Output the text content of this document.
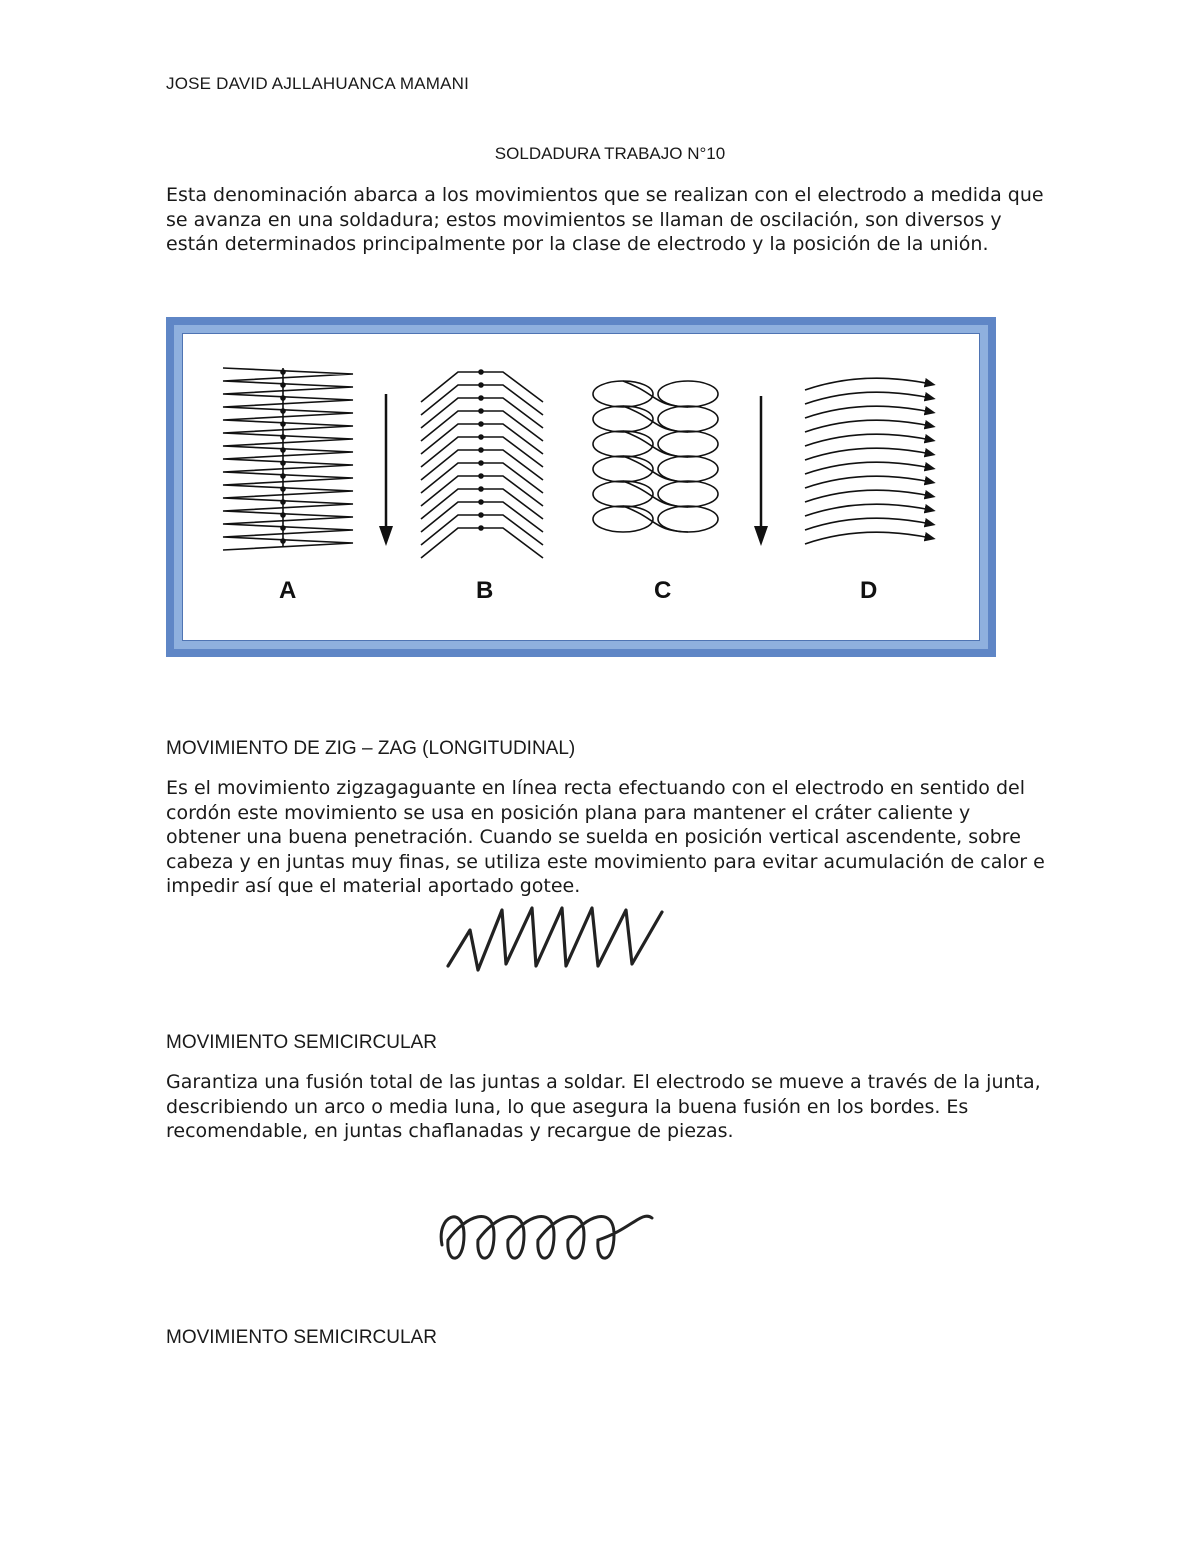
JOSE DAVID AJLLAHUANCA MAMANI
SOLDADURA TRABAJO N°10
Esta denominación abarca a los movimientos que se realizan con el electrodo a medida que se avanza en una soldadura; estos movimientos se llaman de oscilación, son diversos y están determinados principalmente por la clase de electrodo y la posición de la unión.
A	B	C	D
MOVIMIENTO DE ZIG – ZAG (LONGITUDINAL)
Es el movimiento zigzagaguante en línea recta efectuando con el electrodo en sentido del cordón este movimiento se usa en posición plana para mantener el cráter caliente y obtener una buena penetración. Cuando se suelda en posición vertical ascendente, sobre cabeza y en juntas muy finas, se utiliza este movimiento para evitar acumulación de calor e impedir así que el material aportado gotee.
MOVIMIENTO SEMICIRCULAR
Garantiza una fusión total de las juntas a soldar. El electrodo se mueve a través de la junta, describiendo un arco o media luna, lo que asegura la buena fusión en los bordes. Es recomendable, en juntas chaflanadas y recargue de piezas.
MOVIMIENTO SEMICIRCULAR
